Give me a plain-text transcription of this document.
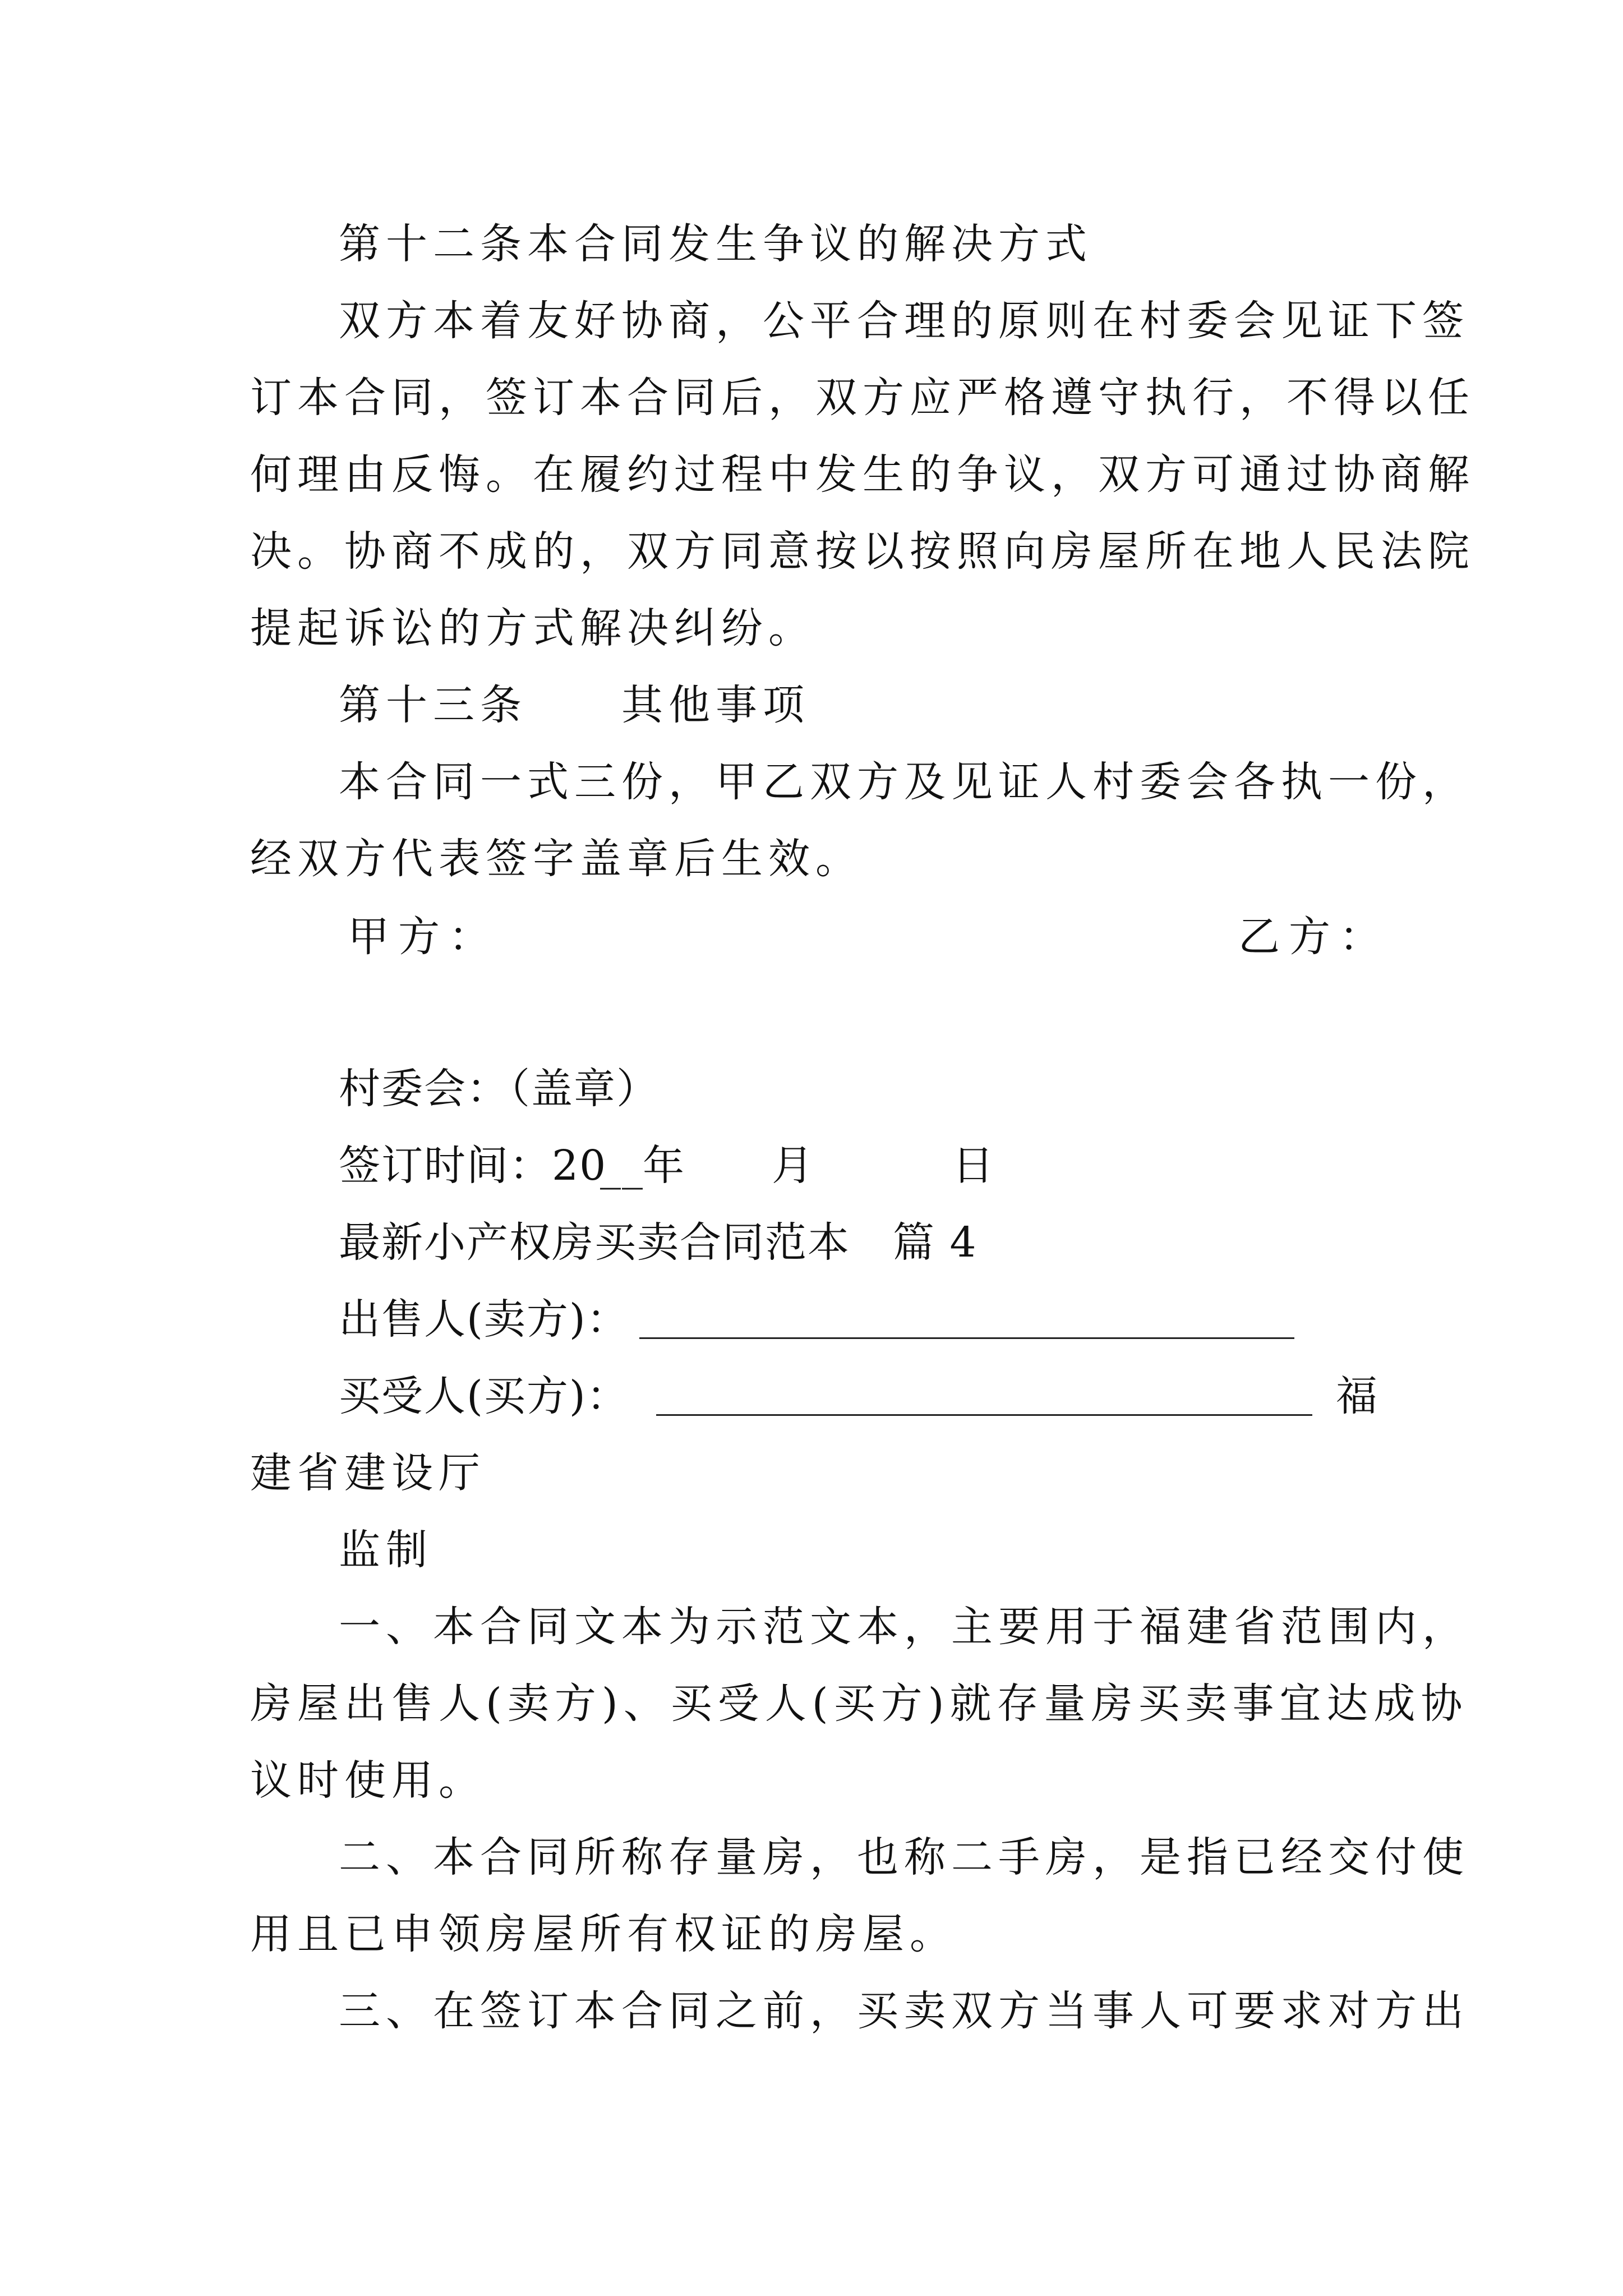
第十二条本合同发生争议的解决方式
双方本着友好协商，公平合理的原则在村委会见证下签
订本合同，签订本合同后，双方应严格遵守执行，不得以任
何理由反悔。在履约过程中发生的争议，双方可通过协商解
决。协商不成的，双方同意按以按照向房屋所在地人民法院
提起诉讼的方式解决纠纷。
第十三条　　其他事项
本合同一式三份，甲乙双方及见证人村委会各执一份，
经双方代表签字盖章后生效。
甲方：	乙方：
村委会：（盖章）
签订时间：20
__
年 月	日
最新小产权房买卖合同范本　篇 4
出售人(卖方)：
买受人(买方)：	福
建省建设厅
监制
一、本合同文本为示范文本，主要用于福建省范围内，
房屋出售人(卖方)、买受人(买方)就存量房买卖事宜达成协
议时使用。
二、本合同所称存量房，也称二手房，是指已经交付使
用且已申领房屋所有权证的房屋。
三、在签订本合同之前，买卖双方当事人可要求对方出
